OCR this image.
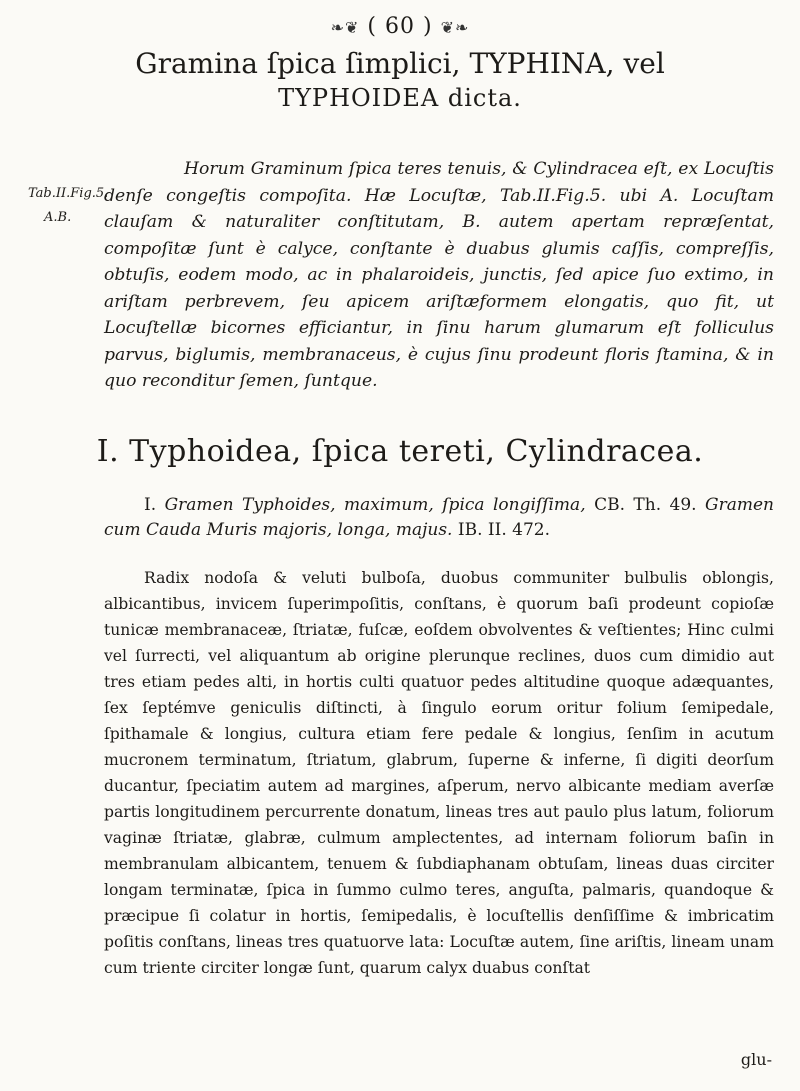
❧❦ ( 60 ) ❦❧
Gramina ſpica ſimplici, TYPHINA, vel
TYPHOIDEA dicta.
Tab.II.Fig.5.
A.B.

Horum Graminum ſpica teres tenuis, & Cylindracea eſt, ex Locuſtis denſe congeſtis compoſita. Hæ Locuſtæ, Tab.II.Fig.5. ubi A. Locuſtam clauſam & naturaliter conſtitutam, B. autem apertam repræſentat, compoſitæ ſunt è calyce, conſtante è duabus glumis caſſis, compreſſis, obtuſis, eodem modo, ac in phalaroideis, junctis, ſed apice ſuo extimo, in ariſtam perbrevem, ſeu apicem ariſtæformem elongatis, quo fit, ut Locuſtellæ bicornes efficiantur, in ſinu harum glumarum eſt folliculus parvus, biglumis, membranaceus, è cujus ſinu prodeunt floris ſtamina, & in quo reconditur ſemen, ſuntque.

I. Typhoidea, ſpica tereti, Cylindracea.
I. Gramen Typhoides, maximum, ſpica longiſſima, CB. Th. 49. Gramen cum Cauda Muris majoris, longa, majus. IB. II. 472.

Radix nodoſa & veluti bulboſa, duobus communiter bulbulis oblongis, albicantibus, invicem ſuperimpoſitis, conſtans, è quorum baſi prodeunt copioſæ tunicæ membranaceæ, ſtriatæ, fuſcæ, eoſdem obvolventes & veſtientes; Hinc culmi vel ſurrecti, vel aliquantum ab origine plerunque reclines, duos cum dimidio aut tres etiam pedes alti, in hortis culti quatuor pedes altitudine quoque adæquantes, ſex ſeptémve geniculis diſtincti, à ſingulo eorum oritur folium ſemipedale, ſpithamale & longius, cultura etiam fere pedale & longius, ſenſim in acutum mucronem terminatum, ſtriatum, glabrum, ſuperne & inferne, ſi digiti deorſum ducantur, ſpeciatim autem ad margines, aſperum, nervo albicante mediam averſæ partis longitudinem percurrente donatum, lineas tres aut paulo plus latum, foliorum vaginæ ſtriatæ, glabræ, culmum amplectentes, ad internam foliorum baſin in membranulam albicantem, tenuem & ſubdiaphanam obtuſam, lineas duas circiter longam terminatæ, ſpica in ſummo culmo teres, anguſta, palmaris, quandoque & præcipue ſi colatur in hortis, ſemipedalis, è locuſtellis denſiſſime & imbricatim poſitis conſtans, lineas tres quatuorve lata: Locuſtæ autem, ſine ariſtis, lineam unam cum triente circiter longæ ſunt, quarum calyx duabus conſtat

glu-
